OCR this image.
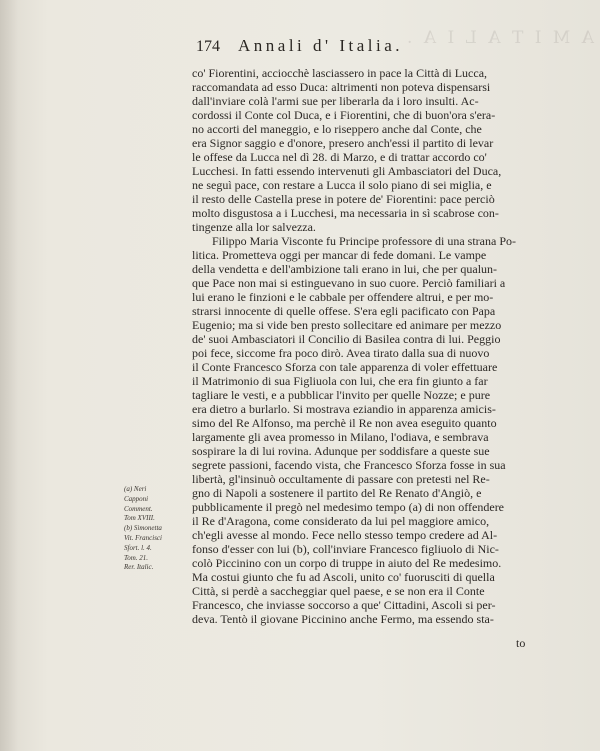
A M I T A L I A .
174 Annali d' Italia.
co' Fiorentini, acciocchè lasciassero in pace la Città di Lucca,
raccomandata ad esso Duca: altrimenti non poteva dispensarsi
dall'inviare colà l'armi sue per liberarla da i loro insulti. Ac-
cordossi il Conte col Duca, e i Fiorentini, che di buon'ora s'era-
no accorti del maneggio, e lo risepperо anche dal Conte, che
era Signor saggio e d'onore, presero anch'essi il partito di levar
le offese da Lucca nel dì 28. di Marzo, e di trattar accordo co'
Lucchesi. In fatti essendo intervenuti gli Ambasciatori del Duca,
ne seguì pace, con restare a Lucca il solo piano di sei miglia, e
il resto delle Castella prese in potere de' Fiorentini: pace perciò
molto disgustosa a i Lucchesi, ma necessaria in sì scabrose con-
tingenze alla lor salvezza.
Filippo Maria Visconte fu Principe professore di una strana Po-
litica. Prometteva oggi per mancar di fede domani. Le vampe
della vendetta e dell'ambizione tali erano in lui, che per qualun-
que Pace non mai si estinguevano in suo cuore. Perciò familiari a
lui erano le finzioni e le cabbale per offendere altrui, e per mo-
strarsi innocente di quelle offese. S'era egli pacificato con Papa
Eugenio; ma si vide ben presto sollecitare ed animare per mezzo
de' suoi Ambasciatori il Concilio di Basilea contra di lui. Peggio
poi fece, siccome fra poco dirò. Avea tirato dalla sua di nuovo
il Conte Francesco Sforza con tale apparenza di voler effettuare
il Matrimonio di sua Figliuola con lui, che era fin giunto a far
tagliare le vesti, e a pubblicar l'invito per quelle Nozze; e pure
era dietro a burlarlo. Si mostrava eziandio in apparenza amicis-
simo del Re Alfonso, ma perchè il Re non avea eseguito quanto
largamente gli avea promesso in Milano, l'odiava, e sembrava
sospirare la di lui rovina. Adunque per soddisfare a queste sue
segrete passioni, facendo vista, che Francesco Sforza fosse in sua
libertà, gl'insinuò occultamente di passare con pretesti nel Re-
gno di Napoli a sostenere il partito del Re Renato d'Angiò, e
pubblicamente il pregò nel medesimo tempo (a) di non offendere
il Re d'Aragona, come considerato da lui pel maggiore amico,
ch'egli avesse al mondo. Fece nello stesso tempo credere ad Al-
fonso d'esser con lui (b), coll'inviare Francesco figliuolo di Nic-
colò Piccinino con un corpo di truppe in aiuto del Re medesimo.
Ma costui giunto che fu ad Ascoli, unito co' fuorusciti di quella
Città, si perdè a saccheggiar quel paese, e se non era il Conte
Francesco, che inviasse soccorso a que' Cittadini, Ascoli si per-
deva. Tentò il giovane Piccinino anche Fermo, ma essendo sta-
(a) Neri
Capponi
Comment.
Tom XVIII.
(b) Simonetta
Vit. Francisci
Sfort. l. 4.
Tom. 21.
Rer. Italic.
to
